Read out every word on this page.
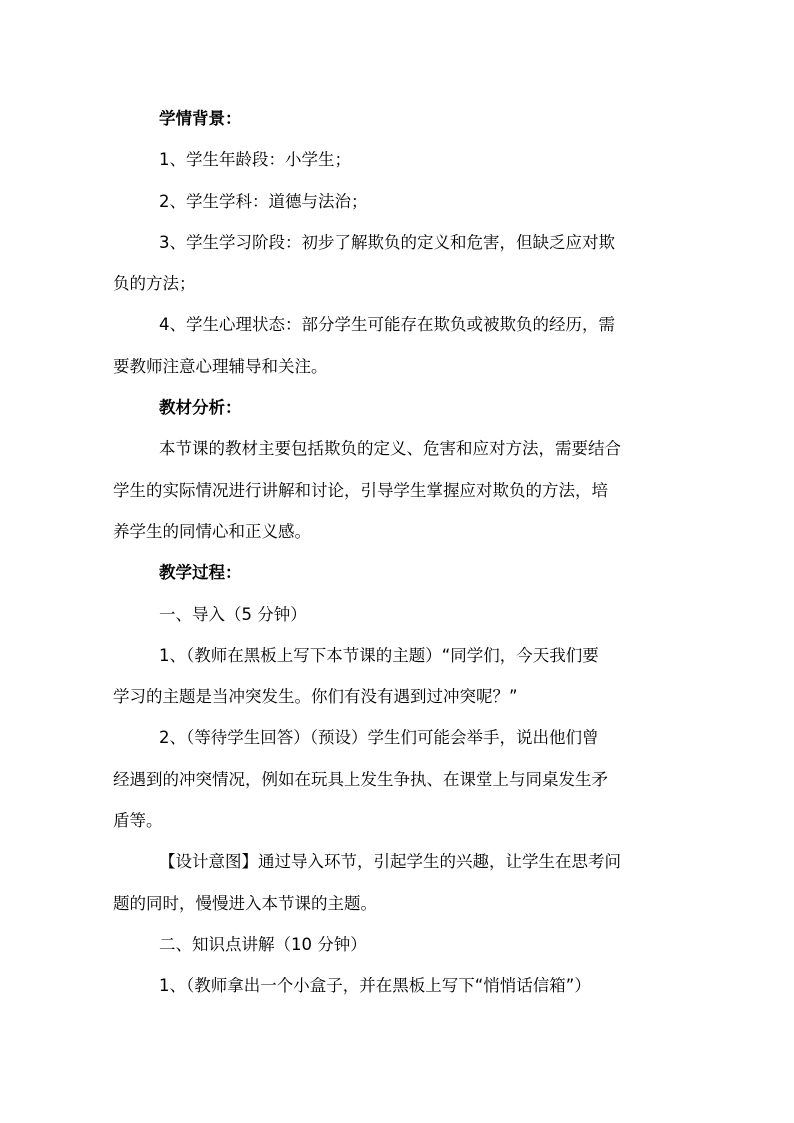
学情背景：
1、学生年龄段：小学生；
2、学生学科：道德与法治；
3、学生学习阶段：初步了解欺负的定义和危害，但缺乏应对欺
负的方法；
4、学生心理状态：部分学生可能存在欺负或被欺负的经历，需
要教师注意心理辅导和关注。
教材分析：
本节课的教材主要包括欺负的定义、危害和应对方法，需要结合
学生的实际情况进行讲解和讨论，引导学生掌握应对欺负的方法，培
养学生的同情心和正义感。
教学过程：
一、导入（5 分钟）
1、（教师在黑板上写下本节课的主题）“同学们，今天我们要
学习的主题是当冲突发生。你们有没有遇到过冲突呢？”
2、（等待学生回答）（预设）学生们可能会举手，说出他们曾
经遇到的冲突情况，例如在玩具上发生争执、在课堂上与同桌发生矛
盾等。
【设计意图】通过导入环节，引起学生的兴趣，让学生在思考问
题的同时，慢慢进入本节课的主题。
二、知识点讲解（10 分钟）
1、（教师拿出一个小盒子，并在黑板上写下“悄悄话信箱”）
